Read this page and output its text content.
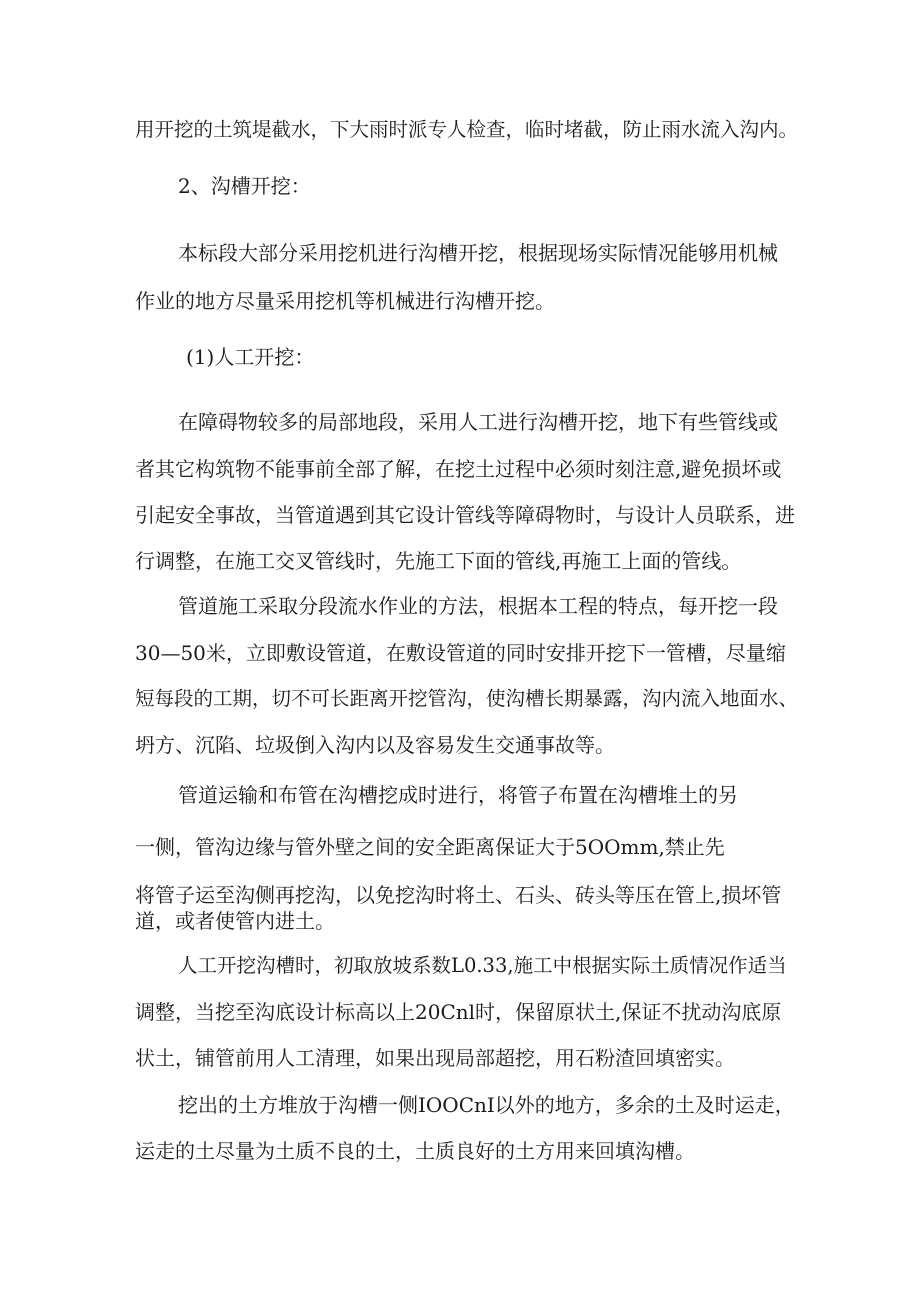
用开挖的土筑堤截水，下大雨时派专人检查，临时堵截，防止雨水流入沟内。

2、沟槽开挖：

本标段大部分采用挖机进行沟槽开挖，根据现场实际情况能够用机械

作业的地方尽量采用挖机等机械进行沟槽开挖。

(1)人工开挖：

在障碍物较多的局部地段，采用人工进行沟槽开挖，地下有些管线或

者其它构筑物不能事前全部了解，在挖土过程中必须时刻注意,避免损坏或

引起安全事故，当管道遇到其它设计管线等障碍物时，与设计人员联系，进

行调整，在施工交叉管线时，先施工下面的管线,再施工上面的管线。

管道施工采取分段流水作业的方法，根据本工程的特点，每开挖一段

30—50米，立即敷设管道，在敷设管道的同时安排开挖下一管槽，尽量缩

短每段的工期，切不可长距离开挖管沟，使沟槽长期暴露，沟内流入地面水、

坍方、沉陷、垃圾倒入沟内以及容易发生交通事故等。

管道运输和布管在沟槽挖成时进行，将管子布置在沟槽堆土的另

一侧，管沟边缘与管外壁之间的安全距离保证大于5OOmm,禁止先

将管子运至沟侧再挖沟，以免挖沟时将土、石头、砖头等压在管上,损坏管

道，或者使管内进土。

人工开挖沟槽时，初取放坡系数L0.33,施工中根据实际土质情况作适当

调整，当挖至沟底设计标高以上20Cnl时，保留原状土,保证不扰动沟底原

状土，铺管前用人工清理，如果出现局部超挖，用石粉渣回填密实。

挖出的土方堆放于沟槽一侧IOOCnI以外的地方，多余的土及时运走，

运走的土尽量为土质不良的土，土质良好的土方用来回填沟槽。
